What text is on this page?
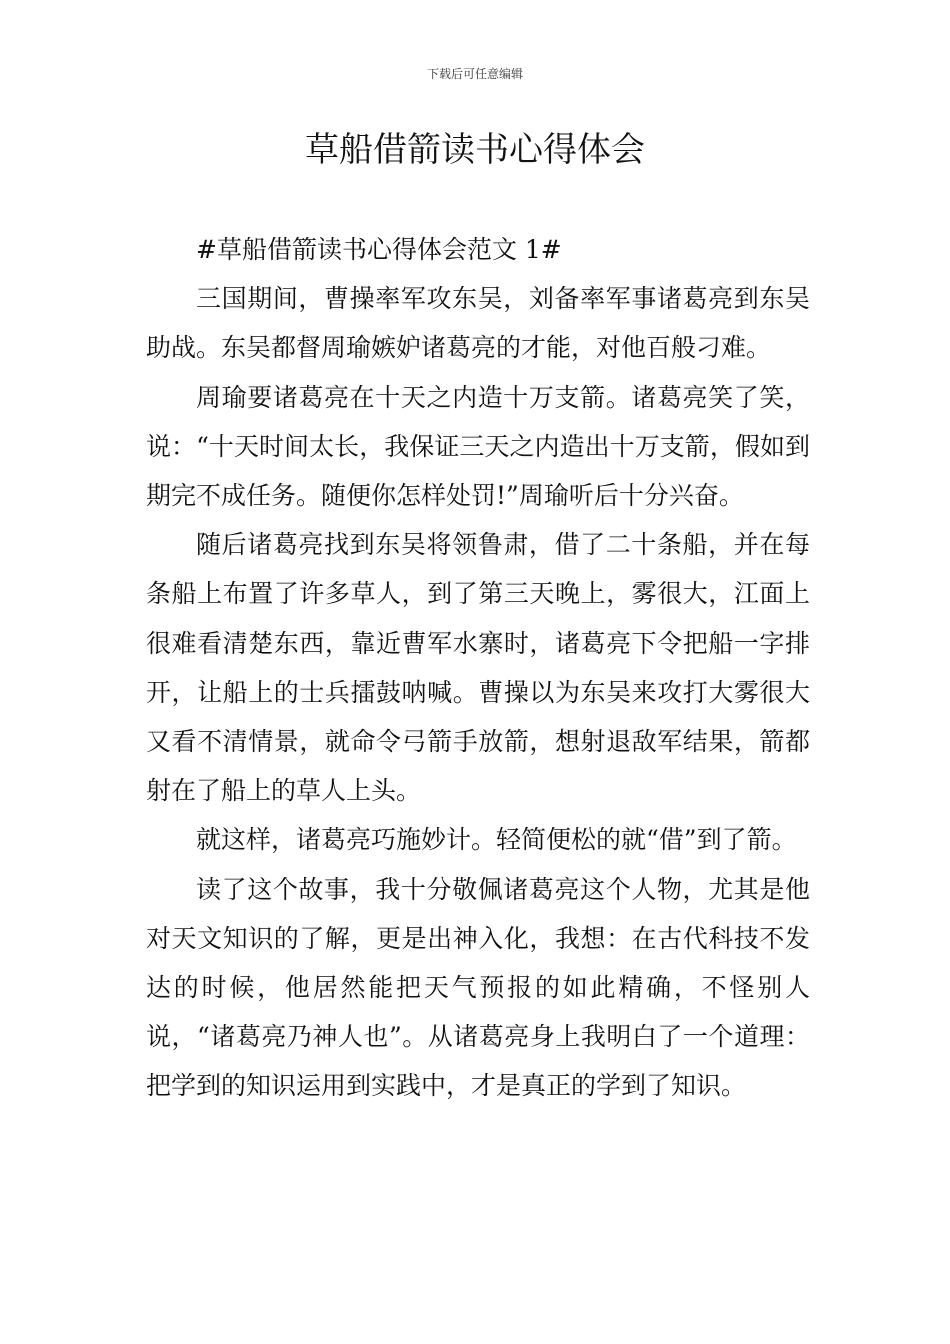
下载后可任意编辑
草船借箭读书心得体会

#草船借箭读书心得体会范文 1#

三国期间，曹操率军攻东吴，刘备率军事诸葛亮到东吴助战。东吴都督周瑜嫉妒诸葛亮的才能，对他百般刁难。

周瑜要诸葛亮在十天之内造十万支箭。诸葛亮笑了笑，说：“十天时间太长，我保证三天之内造出十万支箭，假如到期完不成任务。随便你怎样处罚!”周瑜听后十分兴奋。

随后诸葛亮找到东吴将领鲁肃，借了二十条船，并在每条船上布置了许多草人，到了第三天晚上，雾很大，江面上很难看清楚东西，靠近曹军水寨时，诸葛亮下令把船一字排开，让船上的士兵擂鼓呐喊。曹操以为东吴来攻打大雾很大又看不清情景，就命令弓箭手放箭，想射退敌军结果，箭都射在了船上的草人上头。

就这样，诸葛亮巧施妙计。轻简便松的就“借”到了箭。

读了这个故事，我十分敬佩诸葛亮这个人物，尤其是他对天文知识的了解，更是出神入化，我想：在古代科技不发达的时候，他居然能把天气预报的如此精确，不怪别人说，“诸葛亮乃神人也”。从诸葛亮身上我明白了一个道理：把学到的知识运用到实践中，才是真正的学到了知识。
